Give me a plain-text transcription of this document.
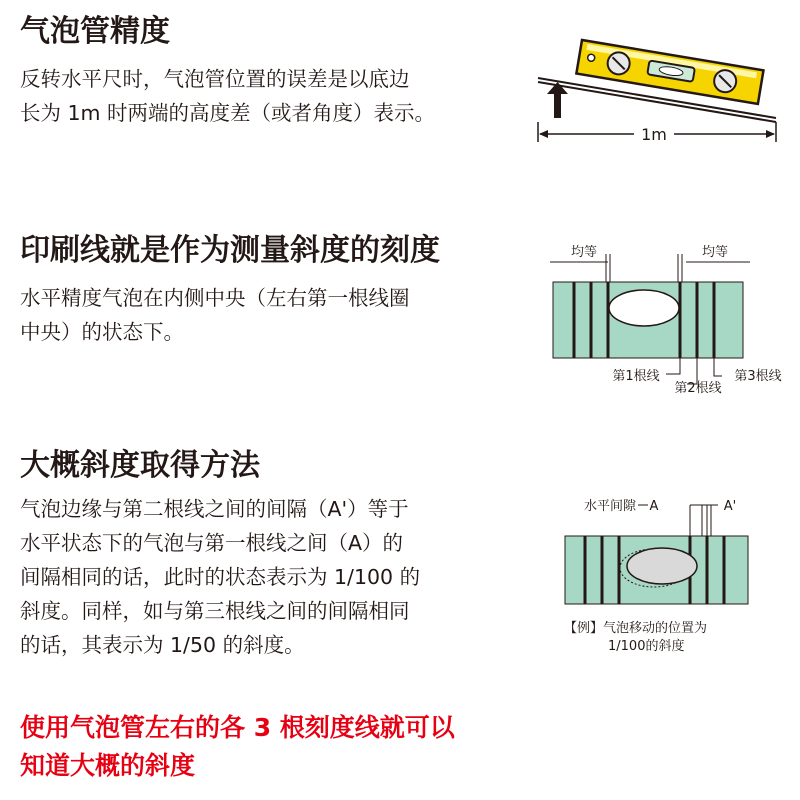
气泡管精度
反转水平尺时，气泡管位置的误差是以底边
长为 1m 时两端的高度差（或者角度）表示。
1m
印刷线就是作为测量斜度的刻度
水平精度气泡在内侧中央（左右第一根线圈
中央）的状态下。
均等	均等
第1根线
第2根线
第3根线
大概斜度取得方法
气泡边缘与第二根线之间的间隔（A'）等于
水平状态下的气泡与第一根线之间（A）的
间隔相同的话，此时的状态表示为 1/100 的
斜度。同样，如与第三根线之间的间隔相同
的话，其表示为 1/50 的斜度。
水平间隙 A	A'
【例】气泡移动的位置为
1/100的斜度
使用气泡管左右的各 3 根刻度线就可以
知道大概的斜度
